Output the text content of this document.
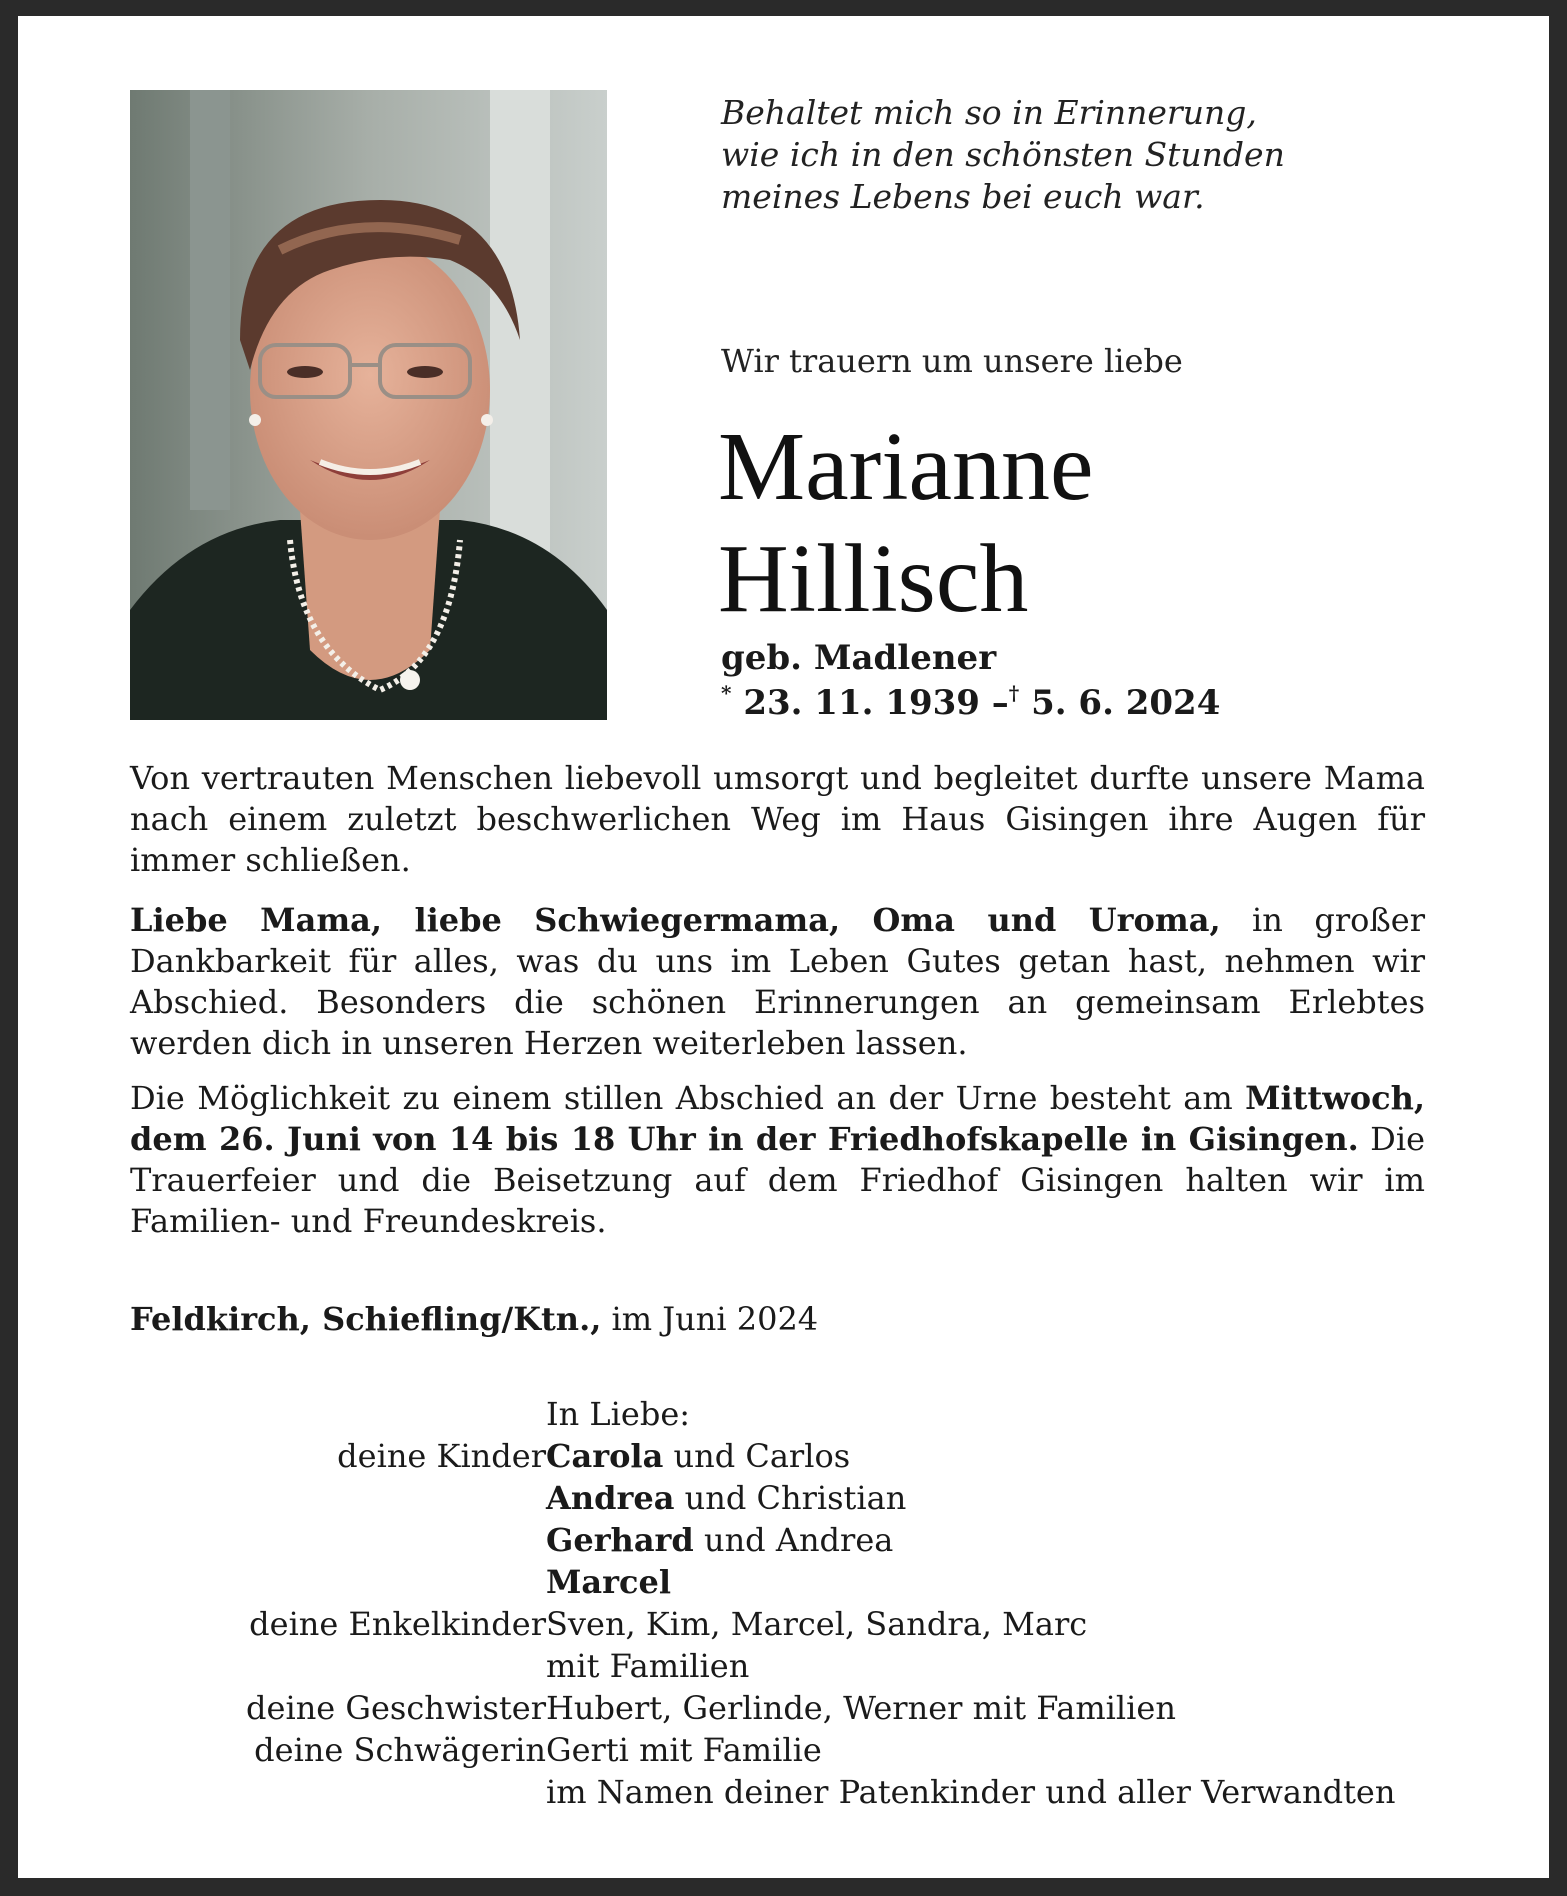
Behaltet mich so in Erinnerung,
wie ich in den schönsten Stunden
meines Lebens bei euch war.
Wir trauern um unsere liebe
Marianne
Hillisch
geb. Madlener
* 23. 11. 1939 –† 5. 6. 2024
Von vertrauten Menschen liebevoll umsorgt und begleitet durfte unsere Mama nach einem zuletzt beschwerlichen Weg im Haus Gisingen ihre Augen für immer schließen.
Liebe Mama, liebe Schwiegermama, Oma und Uroma, in großer Dankbarkeit für alles, was du uns im Leben Gutes getan hast, nehmen wir Abschied. Besonders die schönen Erinnerungen an gemeinsam Erlebtes werden dich in unseren Herzen weiterleben lassen.
Die Möglichkeit zu einem stillen Abschied an der Urne besteht am Mittwoch, dem 26. Juni von 14 bis 18 Uhr in der Friedhofskapelle in Gisingen. Die Trauerfeier und die Beisetzung auf dem Friedhof Gisingen halten wir im Familien- und Freundeskreis.
Feldkirch, Schiefling/Ktn., im Juni 2024
In Liebe:
deine Kinder Carola und Carlos
Andrea und Christian
Gerhard und Andrea
Marcel
deine Enkelkinder Sven, Kim, Marcel, Sandra, Marc
mit Familien
deine Geschwister Hubert, Gerlinde, Werner mit Familien
deine Schwägerin Gerti mit Familie
im Namen deiner Patenkinder und aller Verwandten
